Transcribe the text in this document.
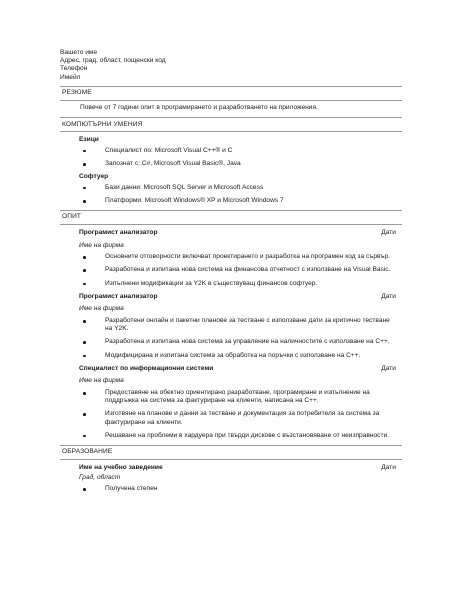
Вашето име
Адрес, град, област, пощенски код
Телефон
Имейл
РЕЗЮМЕ
Повече от 7 години опит в програмирането и разработването на приложения.
КОМПЮТЪРНИ УМЕНИЯ
Езици
Специалист по: Microsoft Visual C++® и C
Запознат с: C#, Microsoft Visual Basic®, Java
Софтуер
Бази данни: Microsoft SQL Server и Microsoft Access
Платформи: Microsoft Windows® XP и Microsoft Windows 7
ОПИТ
Програмист анализатор	Дати
Име на фирма
Основните отговорности включват проектирането и разработка на програмен код за сървър.
Разработена и изпитана нова система на финансова отчетност с използване на Visual Basic.
Изпълнени модификации за Y2K в съществуващ финансов софтуер.
Програмист анализатор	Дати
Име на фирма
Разработени онлайн и пакетни планове за тестване с използване дати за критично тестване на Y2K.
Разработена и изпитана нова система за управление на наличностите с използване на C++.
Модифицирана и изпитана система за обработка на поръчки с използване на C++.
Специалист по информационни системи	Дати
Име на фирма
Предоставяне на обектно ориентирано разработване, програмиране и изпълнение на поддръжка на система за фактуриране на клиенти, написана на C++.
Изготвяне на планове и данни за тестване и документация за потребителя за система за фактуриране на клиенти.
Решаване на проблеми в хардуера при твърди дискове с възстановяване от неизправности.
ОБРАЗОВАНИЕ
Име на учебно заведение	Дати
Град, област
Получена степен
